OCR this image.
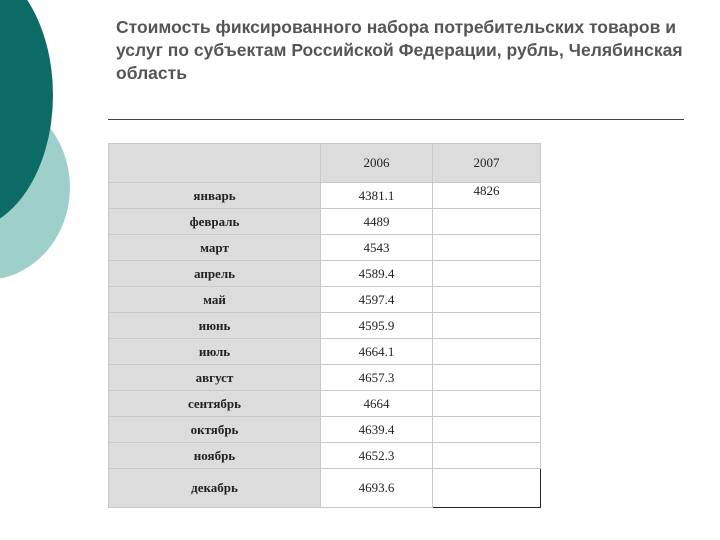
Стоимость фиксированного набора потребительских товаров и услуг по субъектам Российской Федерации, рубль, Челябинская область
	2006	2007
январь	4381.1	4826
февраль	4489	
март	4543	
апрель	4589.4	
май	4597.4	
июнь	4595.9	
июль	4664.1	
август	4657.3	
сентябрь	4664	
октябрь	4639.4	
ноябрь	4652.3	
декабрь	4693.6	
